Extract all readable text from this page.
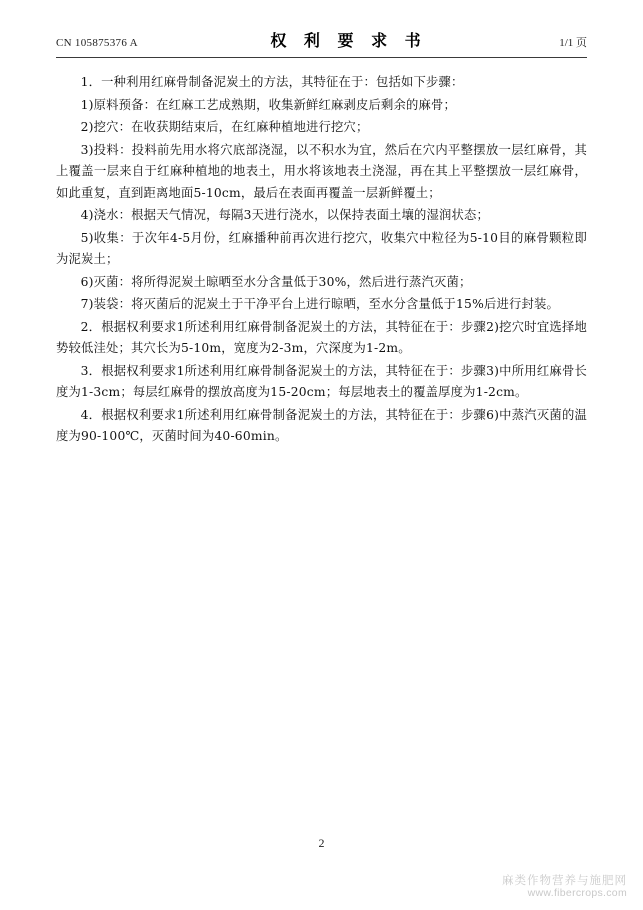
CN 105875376 A	权 利 要 求 书	1/1 页

1．一种利用红麻骨制备泥炭土的方法，其特征在于：包括如下步骤：

1)原料预备：在红麻工艺成熟期，收集新鲜红麻剥皮后剩余的麻骨；

2)挖穴：在收获期结束后，在红麻种植地进行挖穴；

3)投料：投料前先用水将穴底部浇湿，以不积水为宜，然后在穴内平整摆放一层红麻骨，其上覆盖一层来自于红麻种植地的地表土，用水将该地表土浇湿，再在其上平整摆放一层红麻骨，如此重复，直到距离地面5-10cm，最后在表面再覆盖一层新鲜覆土；

4)浇水：根据天气情况，每隔3天进行浇水，以保持表面土壤的湿润状态；

5)收集：于次年4-5月份，红麻播种前再次进行挖穴，收集穴中粒径为5-10目的麻骨颗粒即为泥炭土；

6)灭菌：将所得泥炭土晾晒至水分含量低于30%，然后进行蒸汽灭菌；

7)装袋：将灭菌后的泥炭土于干净平台上进行晾晒，至水分含量低于15%后进行封装。

2．根据权利要求1所述利用红麻骨制备泥炭土的方法，其特征在于：步骤2)挖穴时宜选择地势较低洼处；其穴长为5-10m，宽度为2-3m，穴深度为1-2m。

3．根据权利要求1所述利用红麻骨制备泥炭土的方法，其特征在于：步骤3)中所用红麻骨长度为1-3cm；每层红麻骨的摆放高度为15-20cm；每层地表土的覆盖厚度为1-2cm。

4．根据权利要求1所述利用红麻骨制备泥炭土的方法，其特征在于：步骤6)中蒸汽灭菌的温度为90-100℃，灭菌时间为40-60min。

2
麻类作物营养与施肥网
www.fibercrops.com
